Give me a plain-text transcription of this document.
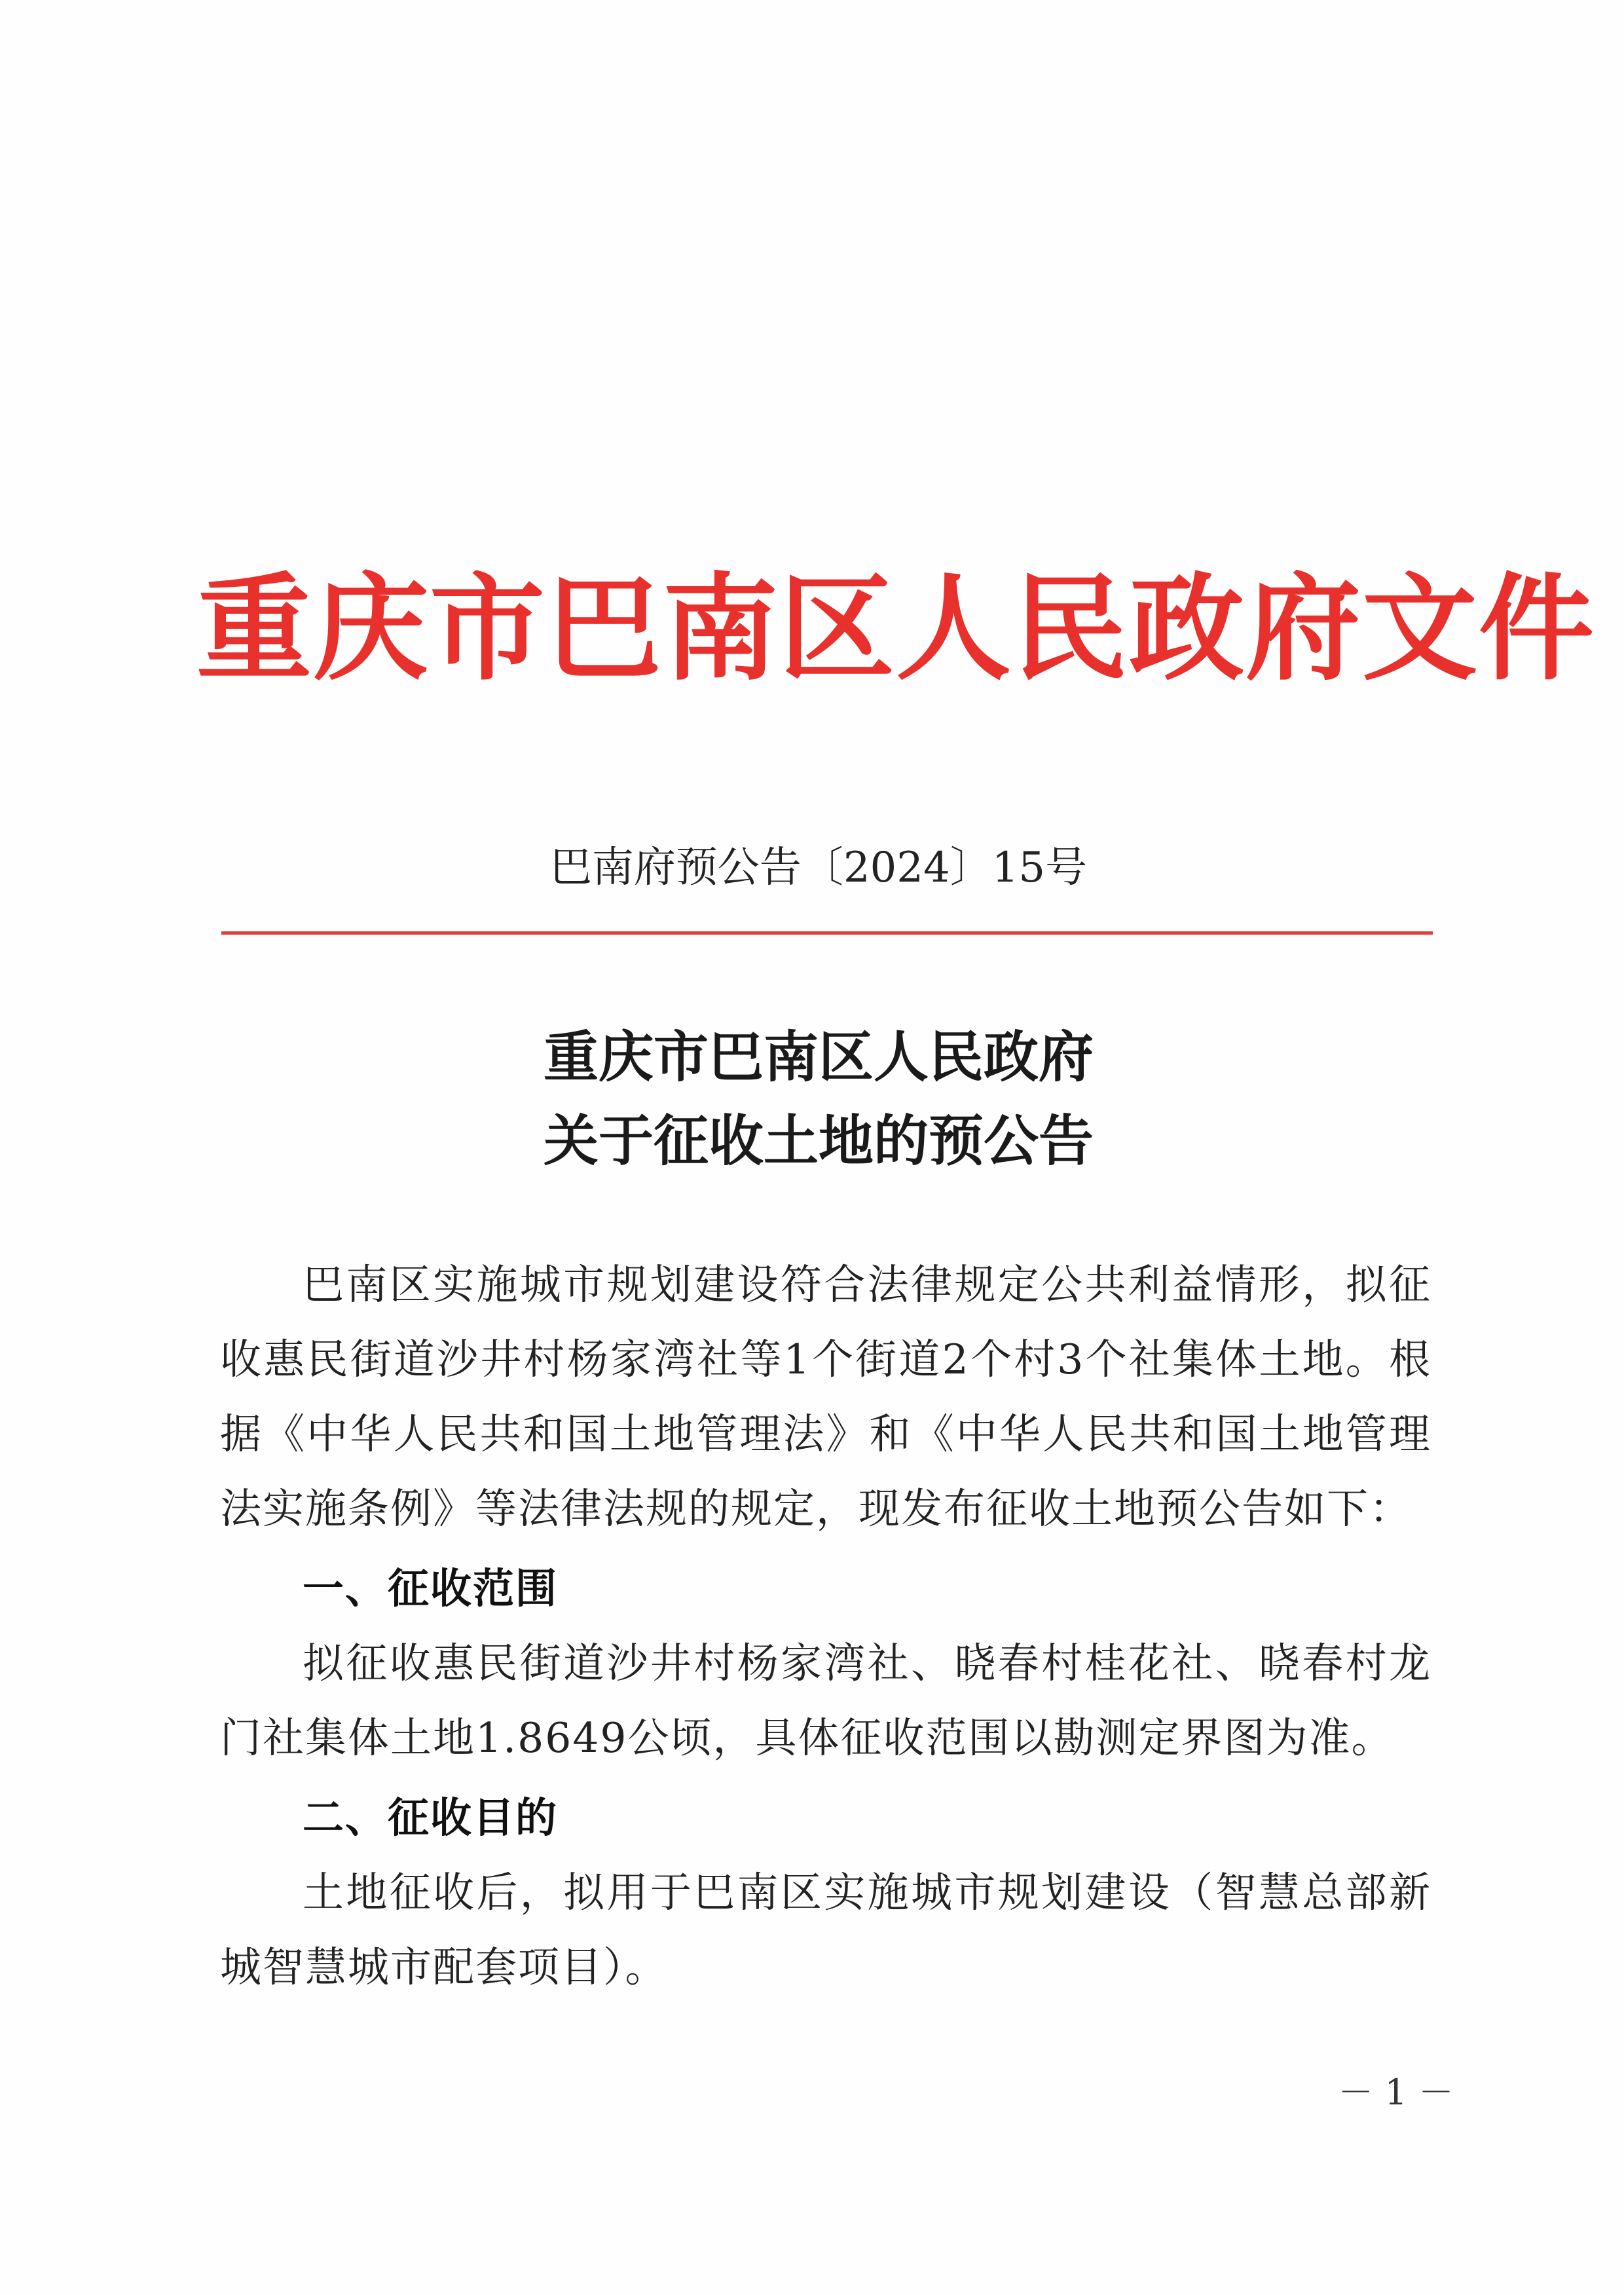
重庆市巴南区人民政府文件
巴南府预公告〔2024〕15号
重庆市巴南区人民政府
关于征收土地的预公告

巴南区实施城市规划建设符合法律规定公共利益情形，拟征收惠民街道沙井村杨家湾社等1个街道2个村3个社集体土地。根据《中华人民共和国土地管理法》和《中华人民共和国土地管理法实施条例》等法律法规的规定，现发布征收土地预公告如下：

一、征收范围

拟征收惠民街道沙井村杨家湾社、晓春村桂花社、晓春村龙门社集体土地1.8649公顷，具体征收范围以勘测定界图为准。

二、征收目的

土地征收后，拟用于巴南区实施城市规划建设（智慧总部新城智慧城市配套项目）。

－ 1 －
